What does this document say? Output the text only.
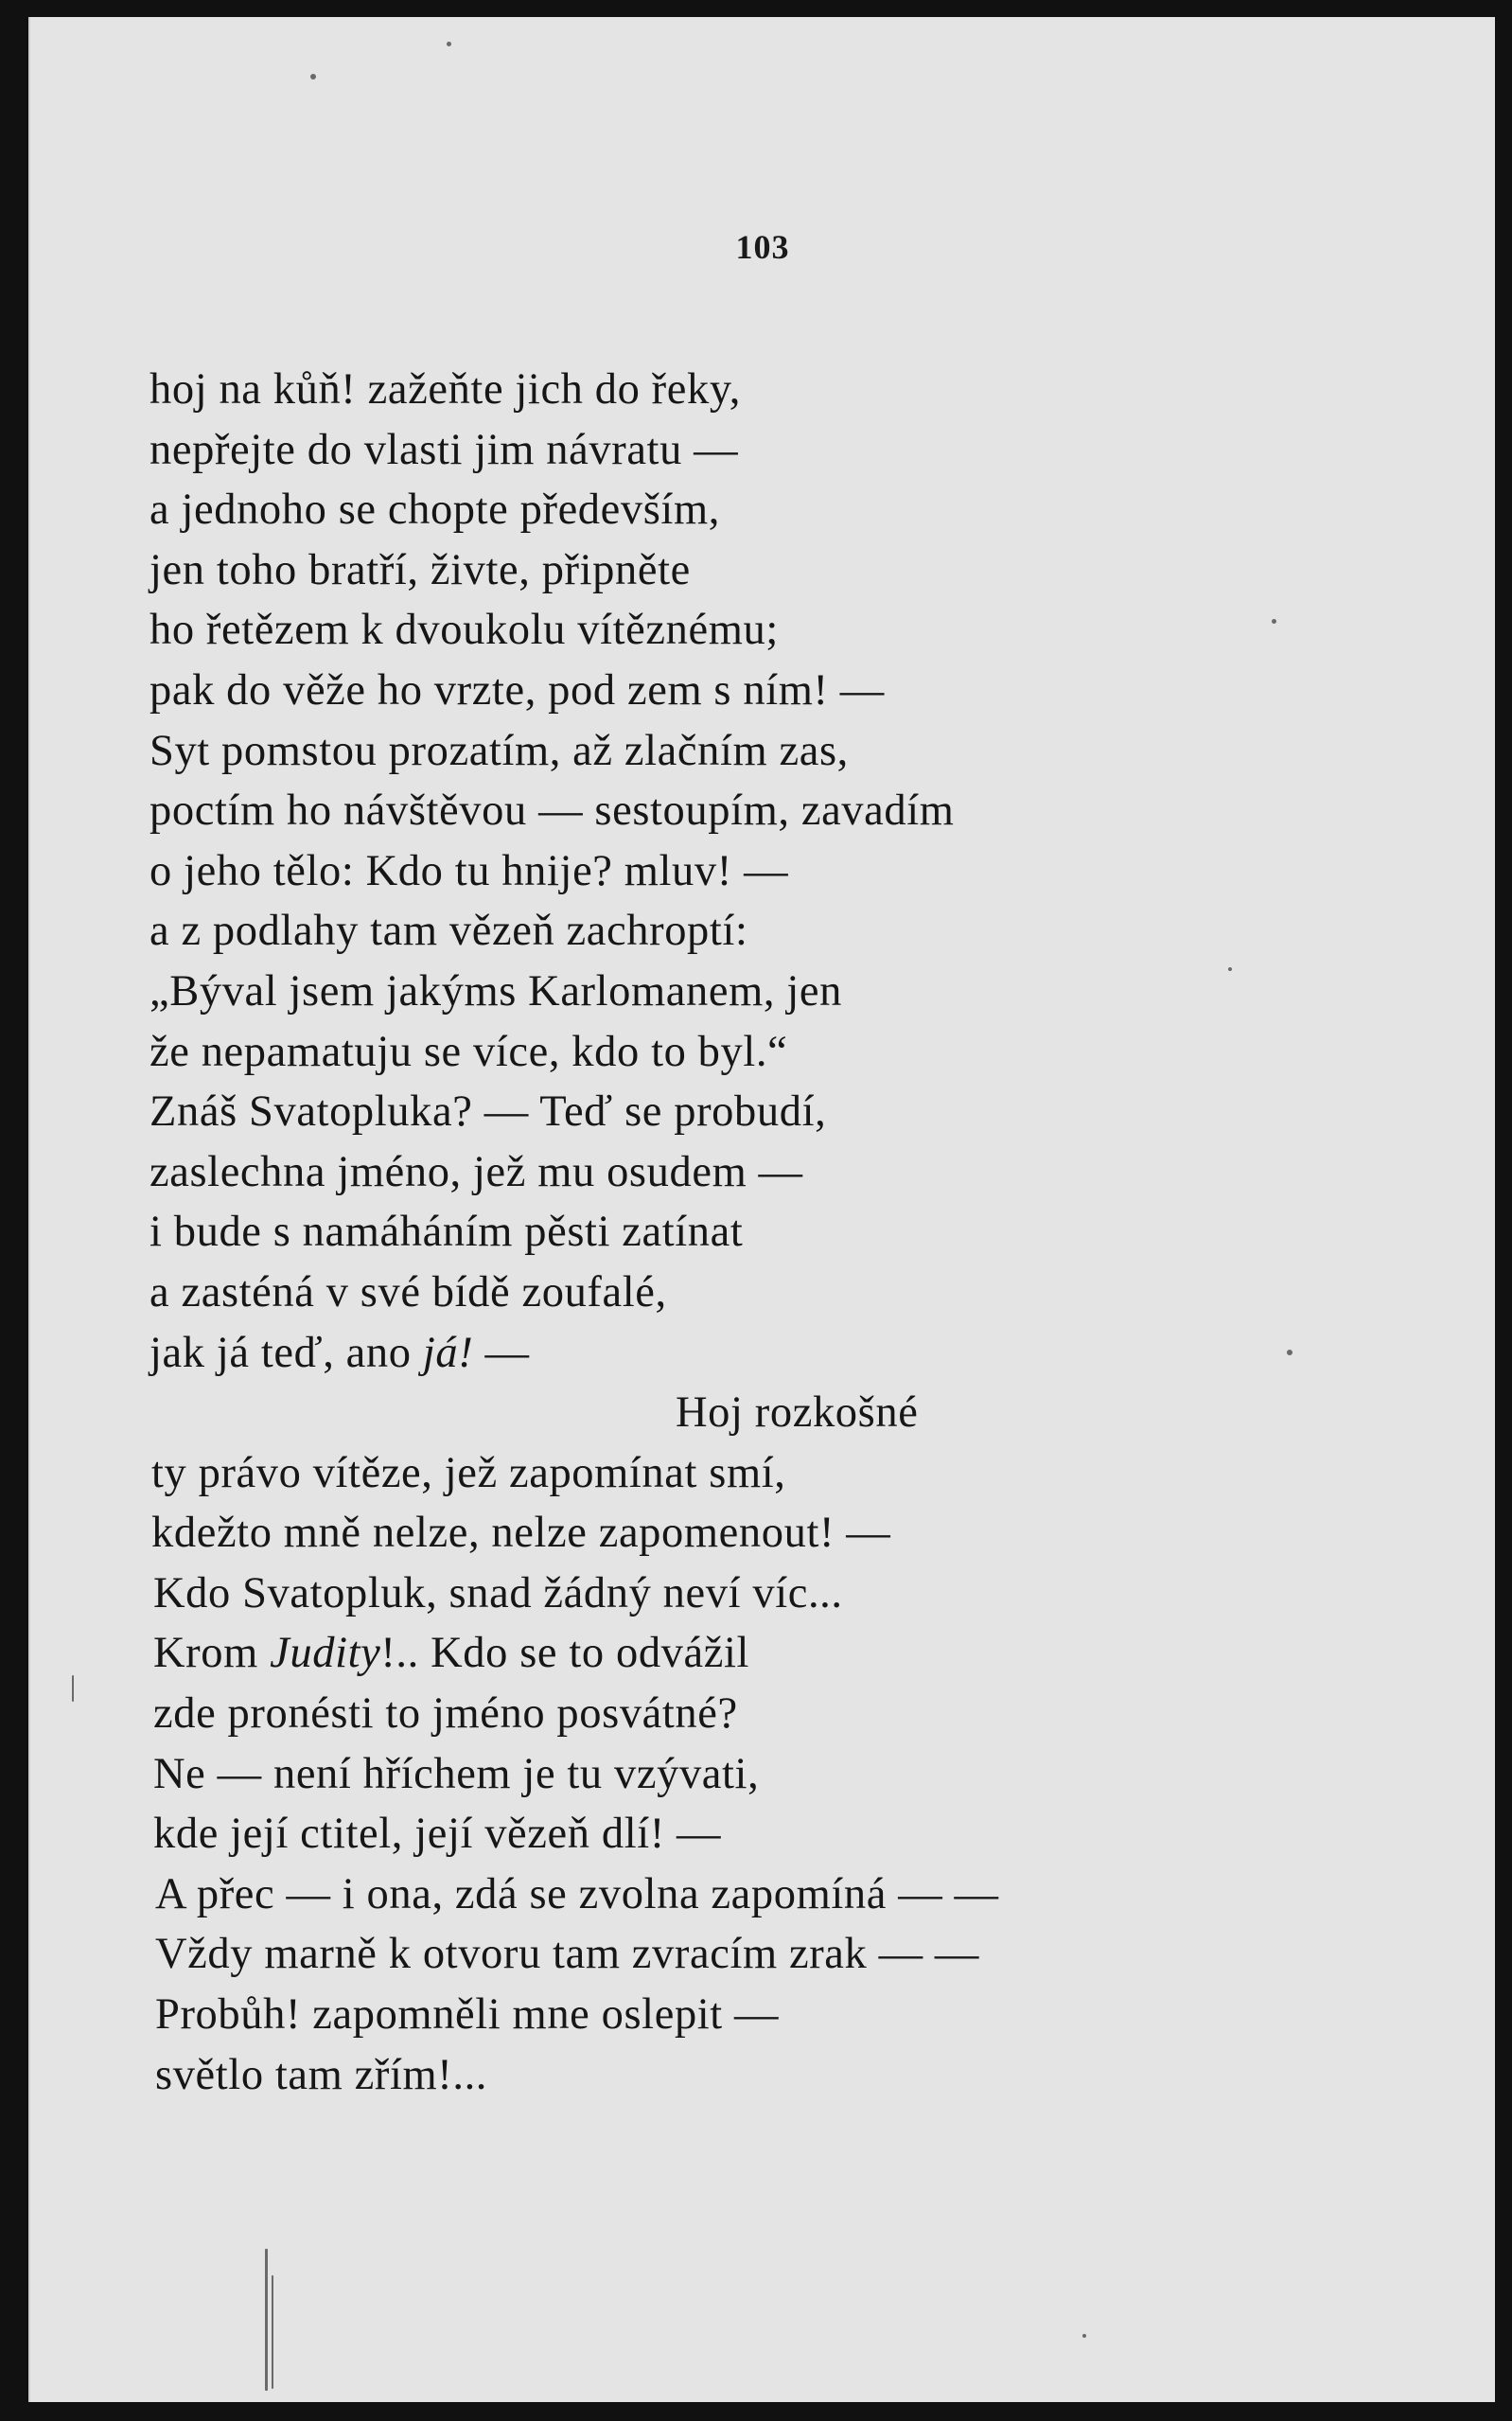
103

hoj na kůň! zažeňte jich do řeky,
nepřejte do vlasti jim návratu —
a jednoho se chopte především,
jen toho bratří, živte, připněte
ho řetězem k dvoukolu vítěznému;
pak do věže ho vrzte, pod zem s ním! —
Syt pomstou prozatím, až zlačním zas,
poctím ho návštěvou — sestoupím, zavadím
o jeho tělo: Kdo tu hnije? mluv! —
a z podlahy tam vězeň zachroptí:
„Býval jsem jakýms Karlomanem, jen
že nepamatuju se více, kdo to byl.“
Znáš Svatopluka? — Teď se probudí,
zaslechna jméno, jež mu osudem —
i bude s namáháním pěsti zatínat
a zasténá v své bídě zoufalé,
jak já teď, ano já! —
Hoj rozkošné
ty právo vítěze, jež zapomínat smí,
kdežto mně nelze, nelze zapomenout! —
Kdo Svatopluk, snad žádný neví víc...
Krom Judity!.. Kdo se to odvážil
zde pronésti to jméno posvátné?
Ne — není hříchem je tu vzývati,
kde její ctitel, její vězeň dlí! —
A přec — i ona, zdá se zvolna zapomíná — —
Vždy marně k otvoru tam zvracím zrak — —
Probůh! zapomněli mne oslepit —
světlo tam zřím!...
